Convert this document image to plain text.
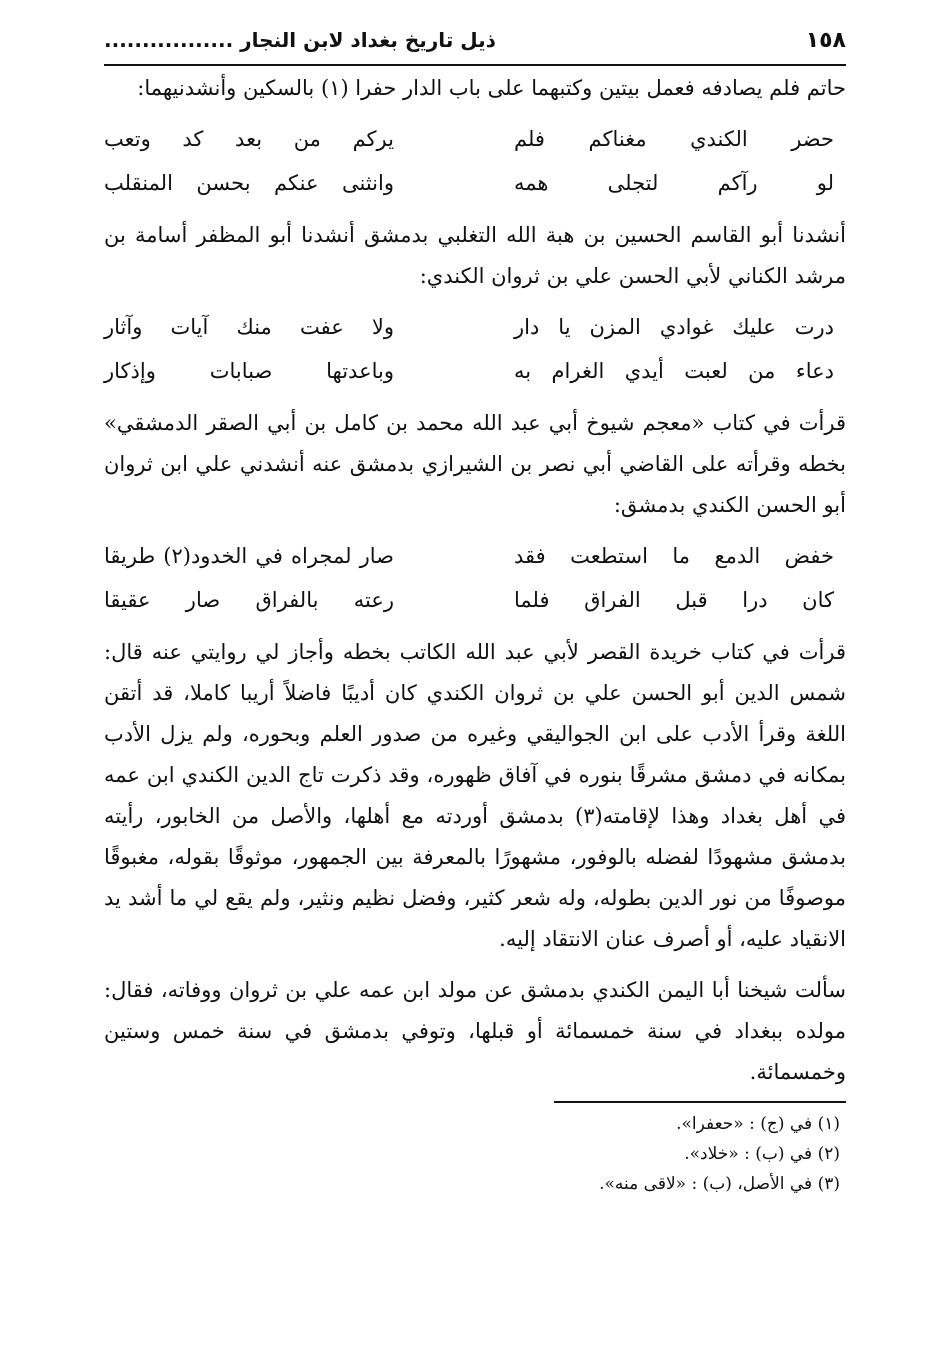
١٥٨
ذيل تاريخ بغداد لابن النجار .................

حاتم فلم يصادفه فعمل بيتين وكتبهما على باب الدار حفرا (١) بالسكين وأنشدنيهما:

حضر الكندي مغناكم فلم
يركم من بعد كد وتعب
لو رآكم لتجلى همه
وانثنى عنكم بحسن المنقلب

أنشدنا أبو القاسم الحسين بن هبة الله التغلبي بدمشق أنشدنا أبو المظفر أسامة بن مرشد الكناني لأبي الحسن علي بن ثروان الكندي:

درت عليك غوادي المزن يا دار
ولا عفت منك آيات وآثار
دعاء من لعبت أيدي الغرام به
وباعدتها صبابات وإذكار

قرأت في كتاب «معجم شيوخ أبي عبد الله محمد بن كامل بن أبي الصقر الدمشقي» بخطه وقرأته على القاضي أبي نصر بن الشيرازي بدمشق عنه أنشدني علي ابن ثروان أبو الحسن الكندي بدمشق:

خفض الدمع ما استطعت فقد
صار لمجراه في الخدود(٢) طريقا
كان درا قبل الفراق فلما
رعته بالفراق صار عقيقا

قرأت في كتاب خريدة القصر لأبي عبد الله الكاتب بخطه وأجاز لي روايتي عنه قال: شمس الدين أبو الحسن علي بن ثروان الكندي كان أديبًا فاضلاً أريبا كاملا، قد أتقن اللغة وقرأ الأدب على ابن الجواليقي وغيره من صدور العلم وبحوره، ولم يزل الأدب بمكانه في دمشق مشرقًا بنوره في آفاق ظهوره، وقد ذكرت تاج الدين الكندي ابن عمه في أهل بغداد وهذا لإقامته(٣) بدمشق أوردته مع أهلها، والأصل من الخابور، رأيته بدمشق مشهودًا لفضله بالوفور، مشهورًا بالمعرفة بين الجمهور، موثوقًا بقوله، مغبوقًا موصوفًا من نور الدين بطوله، وله شعر كثير، وفضل نظيم ونثير، ولم يقع لي ما أشد يد الانقياد عليه، أو أصرف عنان الانتقاد إليه.

سألت شيخنا أبا اليمن الكندي بدمشق عن مولد ابن عمه علي بن ثروان ووفاته، فقال: مولده ببغداد في سنة خمسمائة أو قبلها، وتوفي بدمشق في سنة خمس وستين وخمسمائة.

(١) في (ج) : «حعفرا».
(٢) في (ب) : «خلاد».
(٣) في الأصل، (ب) : «لاقى منه».
